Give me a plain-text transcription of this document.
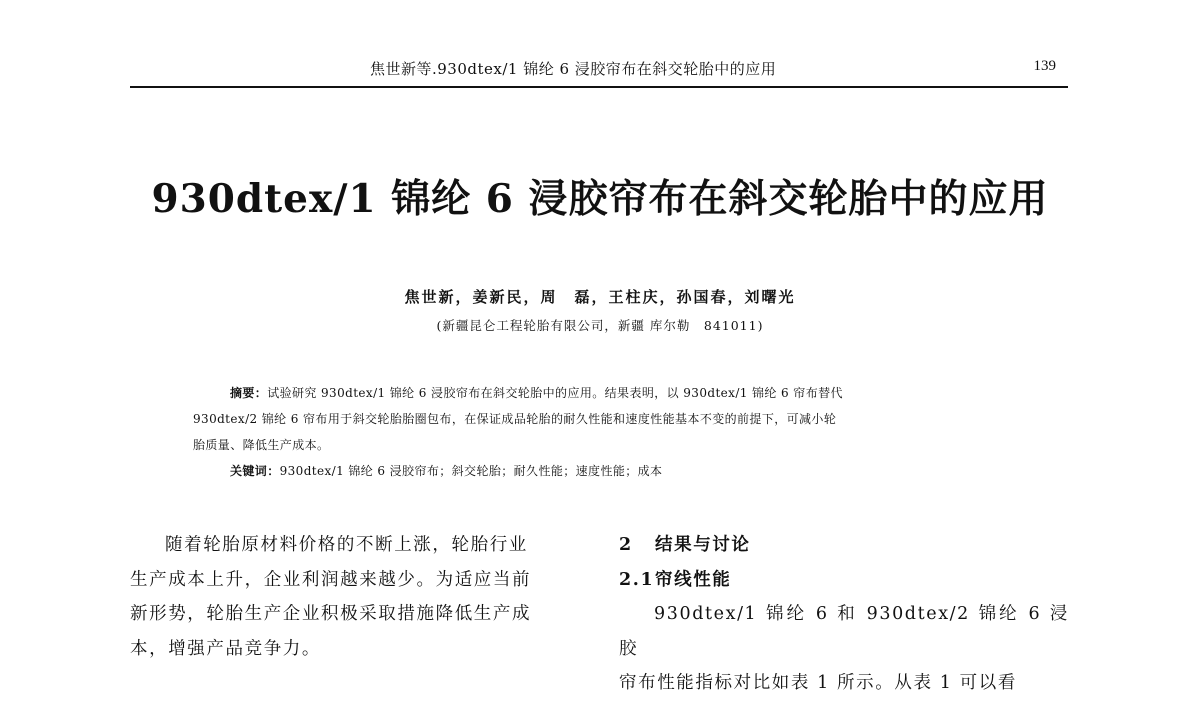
焦世新等.930dtex/1 锦纶 6 浸胶帘布在斜交轮胎中的应用	139
930dtex/1 锦纶 6 浸胶帘布在斜交轮胎中的应用
焦世新，姜新民，周　磊，王柱庆，孙国春，刘曙光
(新疆昆仑工程轮胎有限公司，新疆 库尔勒　841011)
摘要：试验研究 930dtex/1 锦纶 6 浸胶帘布在斜交轮胎中的应用。结果表明，以 930dtex/1 锦纶 6 帘布替代
930dtex/2 锦纶 6 帘布用于斜交轮胎胎圈包布，在保证成品轮胎的耐久性能和速度性能基本不变的前提下，可减小轮
胎质量、降低生产成本。
关键词：930dtex/1 锦纶 6 浸胶帘布；斜交轮胎；耐久性能；速度性能；成本

随着轮胎原材料价格的不断上涨，轮胎行业
生产成本上升，企业利润越来越少。为适应当前
新形势，轮胎生产企业积极采取措施降低生产成
本，增强产品竞争力。

2 结果与讨论
2.1帘线性能

930dtex/1 锦纶 6 和 930dtex/2 锦纶 6 浸胶
帘布性能指标对比如表 1 所示。从表 1 可以看
